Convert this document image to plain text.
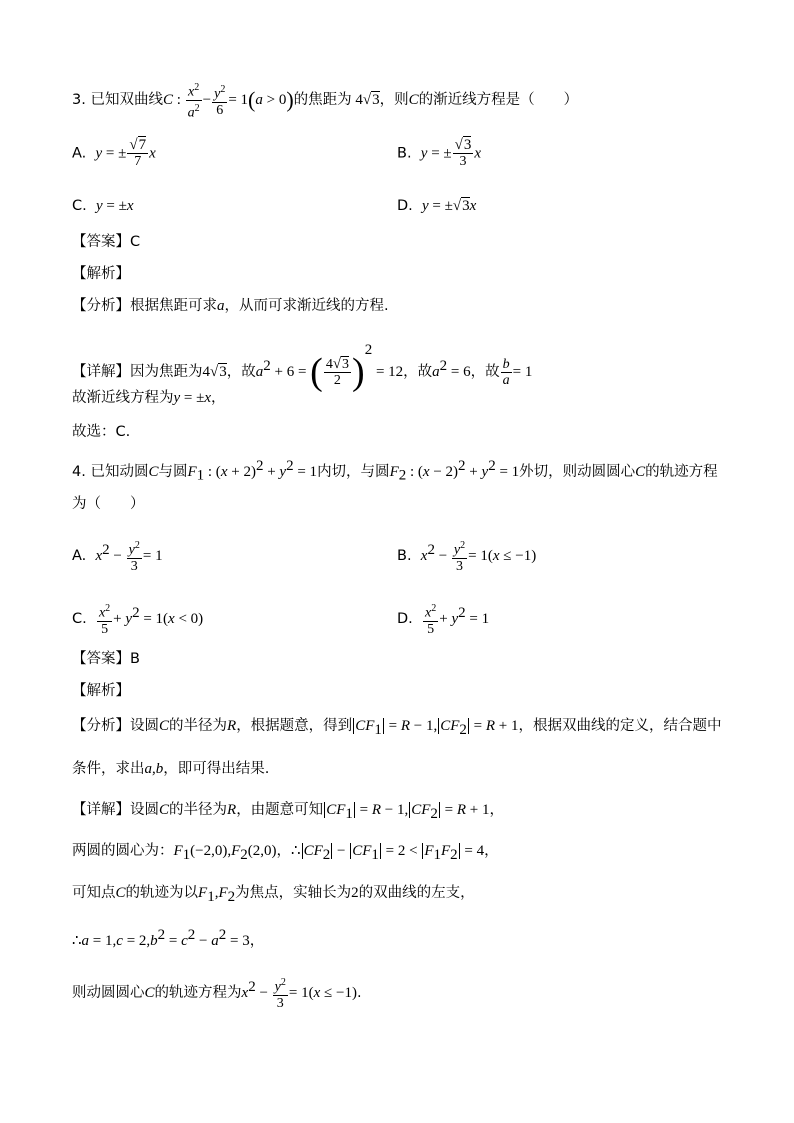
3. 已知双曲线C : $\frac{x^2}{a^2} - \frac{y^2}{6} = 1(a > 0)$的焦距为 4√3，则C的渐近线方程是（　　）
A. y = ± $\frac{√7}{7}$ x	B. y = ± $\frac{√3}{3}$ x
C. y = ±x	D. y = ±√3x
【答案】C
【解析】
【分析】根据焦距可求a，从而可求渐近线的方程.
【详解】因为焦距为4√3，故$a^2 + 6$ = ( $\frac{4√3}{2} )^2 = 12$，故$a^2 = 6$，故 $\frac{b}{a} = 1$
故渐近线方程为y = ±x，
故选：C.
4. 已知动圆C与圆$F_1$ : $(x + 2)^2 + y^2 = 1$内切，与圆$F_2$ : $(x - 2)^2 + y^2 = 1$外切，则动圆圆心C的轨迹方程
为（　　）
A. $x^2 - \frac{y^2}{3} = 1$	B. $x^2 - \frac{y^2}{3} = 1(x \le -1)$
C. $\frac{x^2}{5} + y^2 = 1(x < 0)$	D. $\frac{x^2}{5} + y^2 = 1$
【答案】B
【解析】
【分析】设圆C的半径为R，根据题意，得到 $CF_1 = R - 1$, $CF_2 = R + 1$，根据双曲线的定义，结合题中
条件，求出a,b，即可得出结果.
【详解】设圆C的半径为R，由题意可知 $CF_1 = R - 1$, $CF_2 = R + 1$，
两圆的圆心为：$F_1(-2,0),F_2(2,0)$，∴ $CF_2 - CF_1 = 2 < F_1F_2 = 4$，
可知点C的轨迹为以$F_1,F_2$为焦点，实轴长为2的双曲线的左支，
∴a = $1,c = 2,b^2 = c^2 - a^2 = 3$，
则动圆圆心C的轨迹方程为$x^2 - \frac{y^2}{3} = 1(x \le -1)$.
